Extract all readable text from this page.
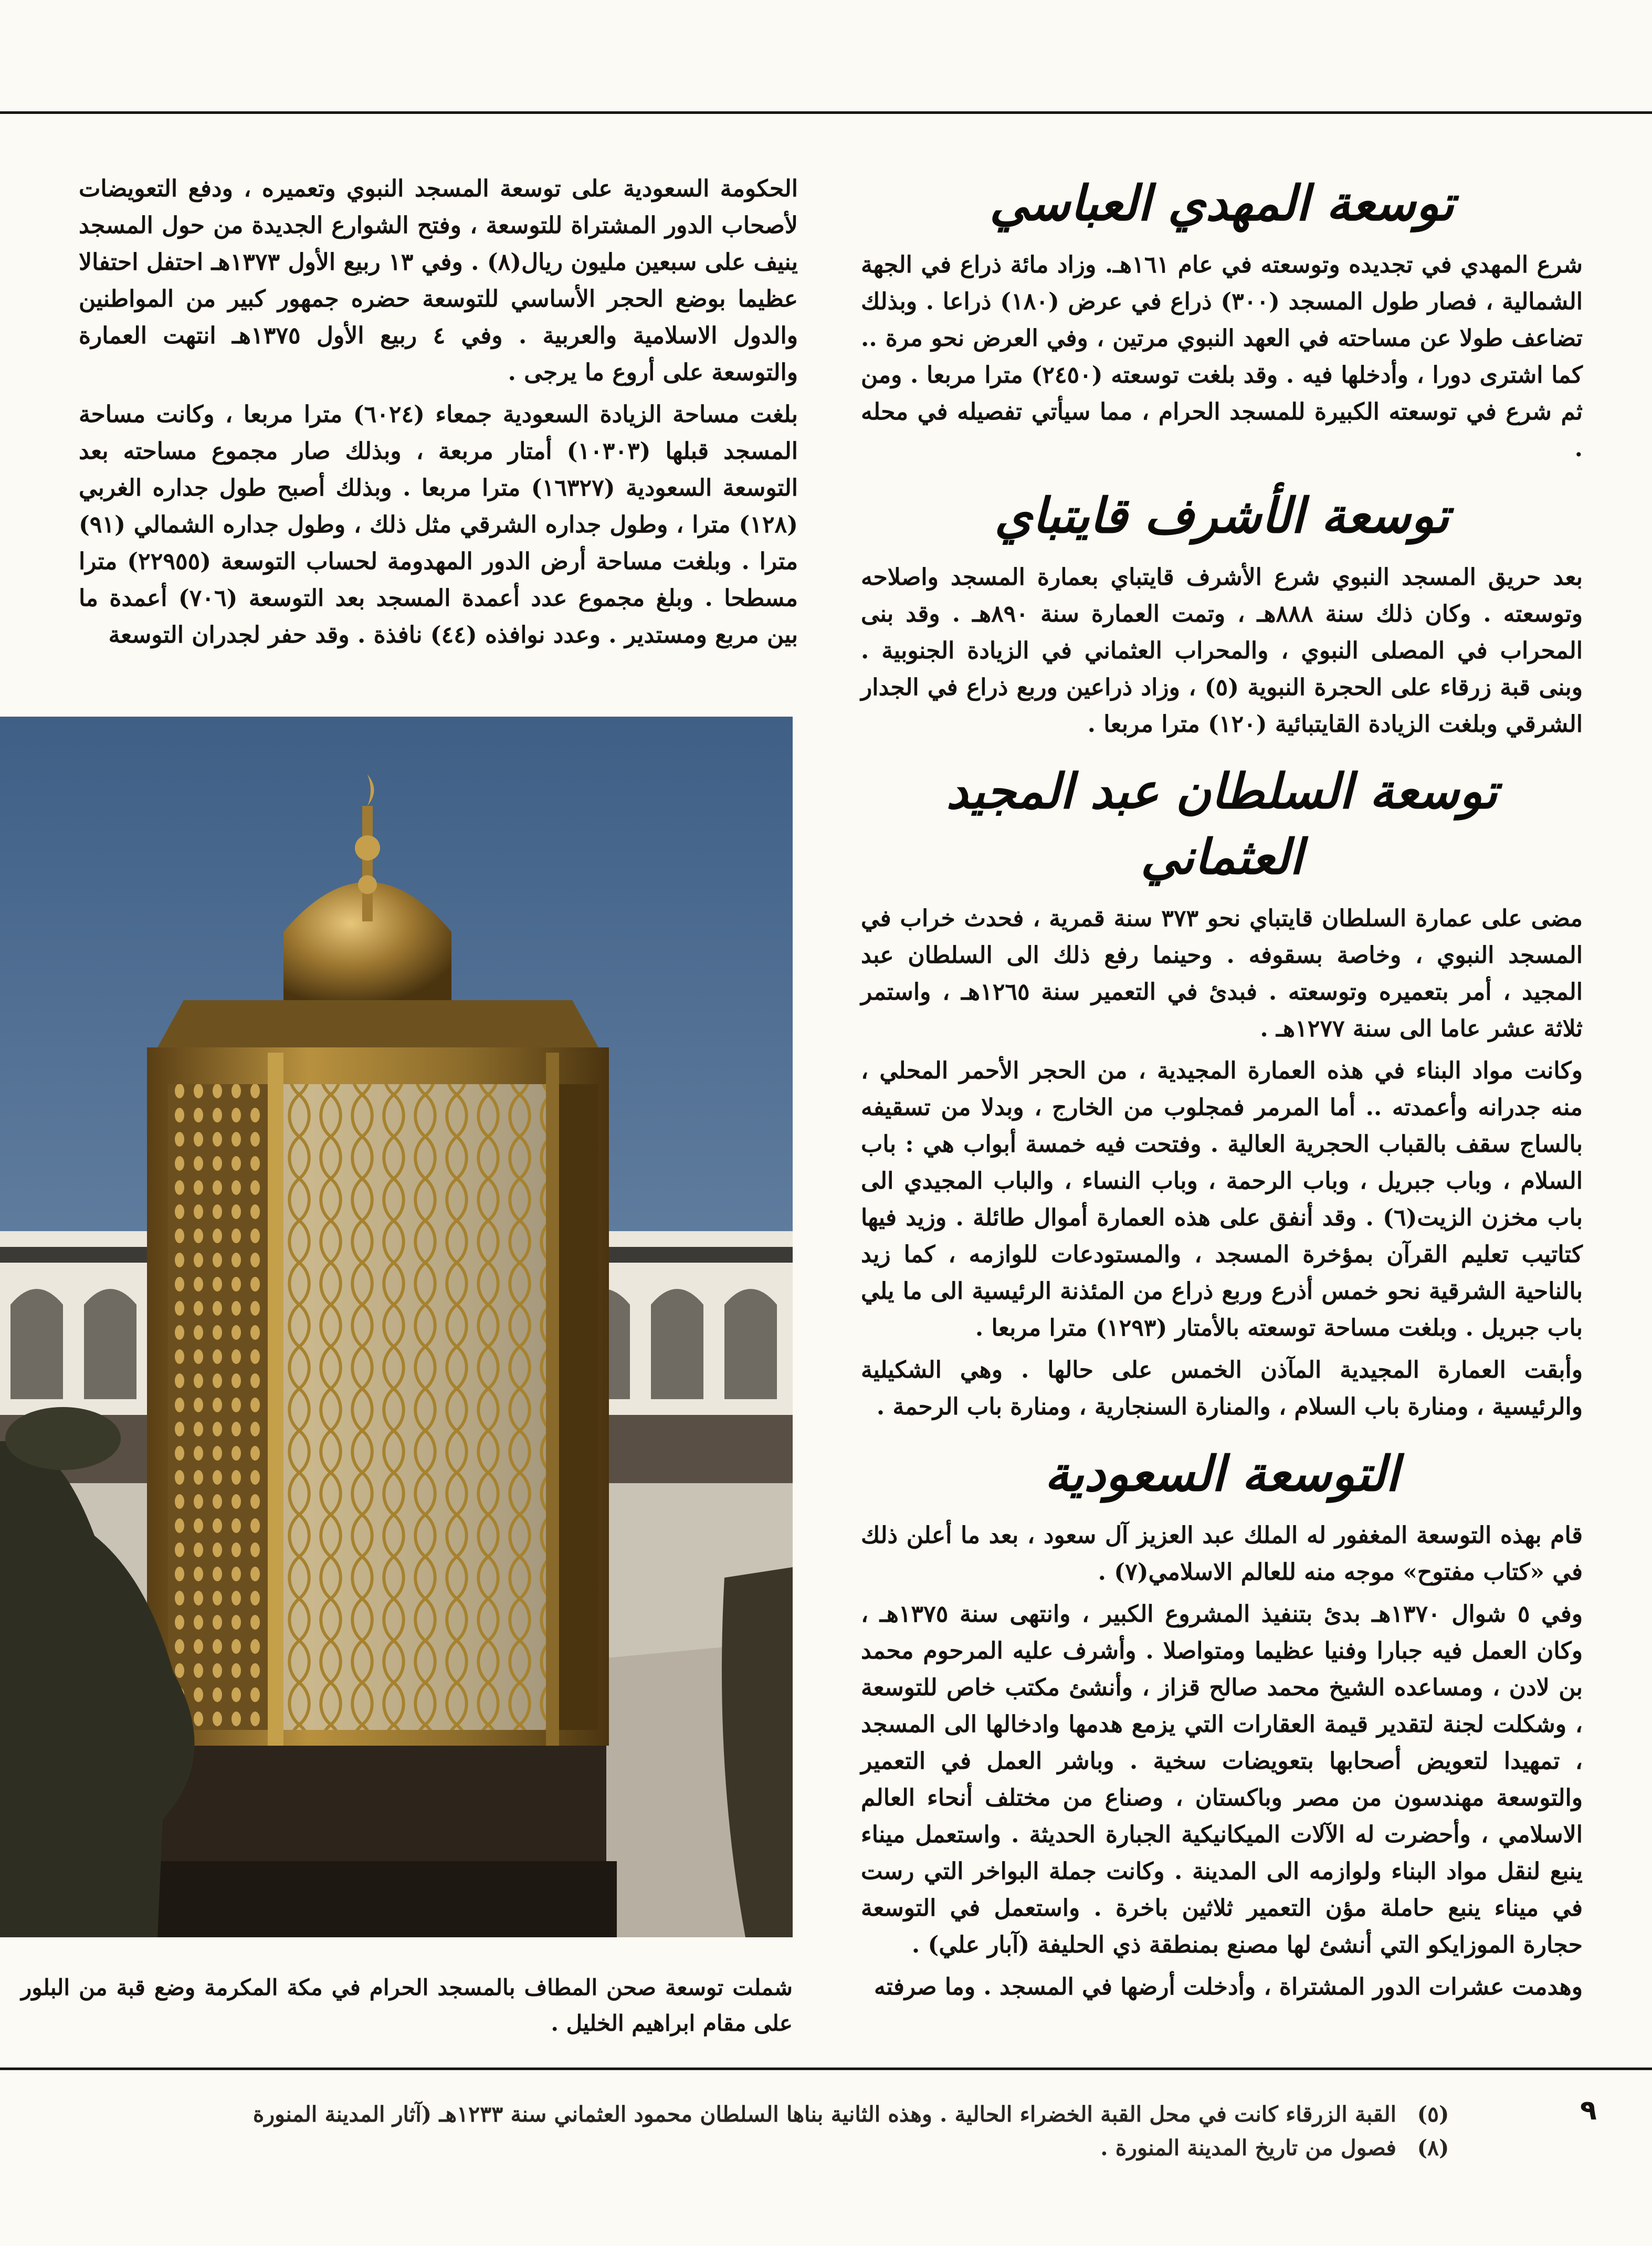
توسعة المهدي العباسي

شرع المهدي في تجديده وتوسعته في عام ١٦١هـ. وزاد مائة ذراع في الجهة الشمالية ، فصار طول المسجد (٣٠٠) ذراع في عرض (١٨٠) ذراعا . وبذلك تضاعف طولا عن مساحته في العهد النبوي مرتين ، وفي العرض نحو مرة .. كما اشترى دورا ، وأدخلها فيه . وقد بلغت توسعته (٢٤٥٠) مترا مربعا . ومن ثم شرع في توسعته الكبيرة للمسجد الحرام ، مما سيأتي تفصيله في محله .

توسعة الأشرف قايتباي

بعد حريق المسجد النبوي شرع الأشرف قايتباي بعمارة المسجد واصلاحه وتوسعته . وكان ذلك سنة ٨٨٨هـ ، وتمت العمارة سنة ٨٩٠هـ . وقد بنى المحراب في المصلى النبوي ، والمحراب العثماني في الزيادة الجنوبية . وبنى قبة زرقاء على الحجرة النبوية (٥) ، وزاد ذراعين وربع ذراع في الجدار الشرقي وبلغت الزيادة القايتبائية (١٢٠) مترا مربعا .

توسعة السلطان عبد المجيد العثماني

مضى على عمارة السلطان قايتباي نحو ٣٧٣ سنة قمرية ، فحدث خراب في المسجد النبوي ، وخاصة بسقوفه . وحينما رفع ذلك الى السلطان عبد المجيد ، أمر بتعميره وتوسعته . فبدئ في التعمير سنة ١٢٦٥هـ ، واستمر ثلاثة عشر عاما الى سنة ١٢٧٧هـ .

وكانت مواد البناء في هذه العمارة المجيدية ، من الحجر الأحمر المحلي ، منه جدرانه وأعمدته .. أما المرمر فمجلوب من الخارج ، وبدلا من تسقيفه بالساج سقف بالقباب الحجرية العالية . وفتحت فيه خمسة أبواب هي : باب السلام ، وباب جبريل ، وباب الرحمة ، وباب النساء ، والباب المجيدي الى باب مخزن الزيت(٦) . وقد أنفق على هذه العمارة أموال طائلة . وزيد فيها كتاتيب تعليم القرآن بمؤخرة المسجد ، والمستودعات للوازمه ، كما زيد بالناحية الشرقية نحو خمس أذرع وربع ذراع من المئذنة الرئيسية الى ما يلي باب جبريل . وبلغت مساحة توسعته بالأمتار (١٢٩٣) مترا مربعا .

وأبقت العمارة المجيدية المآذن الخمس على حالها . وهي الشكيلية والرئيسية ، ومنارة باب السلام ، والمنارة السنجارية ، ومنارة باب الرحمة .

التوسعة السعودية

قام بهذه التوسعة المغفور له الملك عبد العزيز آل سعود ، بعد ما أعلن ذلك في «كتاب مفتوح» موجه منه للعالم الاسلامي(٧) .

وفي ٥ شوال ١٣٧٠هـ بدئ بتنفيذ المشروع الكبير ، وانتهى سنة ١٣٧٥هـ ، وكان العمل فيه جبارا وفنيا عظيما ومتواصلا . وأشرف عليه المرحوم محمد بن لادن ، ومساعده الشيخ محمد صالح قزاز ، وأنشئ مكتب خاص للتوسعة ، وشكلت لجنة لتقدير قيمة العقارات التي يزمع هدمها وادخالها الى المسجد ، تمهيدا لتعويض أصحابها بتعويضات سخية . وباشر العمل في التعمير والتوسعة مهندسون من مصر وباكستان ، وصناع من مختلف أنحاء العالم الاسلامي ، وأحضرت له الآلات الميكانيكية الجبارة الحديثة . واستعمل ميناء ينبع لنقل مواد البناء ولوازمه الى المدينة . وكانت جملة البواخر التي رست في ميناء ينبع حاملة مؤن التعمير ثلاثين باخرة . واستعمل في التوسعة حجارة الموزايكو التي أنشئ لها مصنع بمنطقة ذي الحليفة (آبار علي) .

وهدمت عشرات الدور المشتراة ، وأدخلت أرضها في المسجد . وما صرفته

الحكومة السعودية على توسعة المسجد النبوي وتعميره ، ودفع التعويضات لأصحاب الدور المشتراة للتوسعة ، وفتح الشوارع الجديدة من حول المسجد ينيف على سبعين مليون ريال(٨) . وفي ١٣ ربيع الأول ١٣٧٣هـ احتفل احتفالا عظيما بوضع الحجر الأساسي للتوسعة حضره جمهور كبير من المواطنين والدول الاسلامية والعربية . وفي ٤ ربيع الأول ١٣٧٥هـ انتهت العمارة والتوسعة على أروع ما يرجى .

بلغت مساحة الزيادة السعودية جمعاء (٦٠٢٤) مترا مربعا ، وكانت مساحة المسجد قبلها (١٠٣٠٣) أمتار مربعة ، وبذلك صار مجموع مساحته بعد التوسعة السعودية (١٦٣٢٧) مترا مربعا . وبذلك أصبح طول جداره الغربي (١٢٨) مترا ، وطول جداره الشرقي مثل ذلك ، وطول جداره الشمالي (٩١) مترا . وبلغت مساحة أرض الدور المهدومة لحساب التوسعة (٢٢٩٥٥) مترا مسطحا . وبلغ مجموع عدد أعمدة المسجد بعد التوسعة (٧٠٦) أعمدة ما بين مربع ومستدير . وعدد نوافذه (٤٤) نافذة . وقد حفر لجدران التوسعة

شملت توسعة صحن المطاف بالمسجد الحرام في مكة المكرمة وضع قبة من البلور على مقام ابراهيم الخليل .

٩
(٥)
القبة الزرقاء كانت في محل القبة الخضراء الحالية . وهذه الثانية بناها السلطان محمود العثماني سنة ١٢٣٣هـ (آثار المدينة المنورة
(٨)
فصول من تاريخ المدينة المنورة .
